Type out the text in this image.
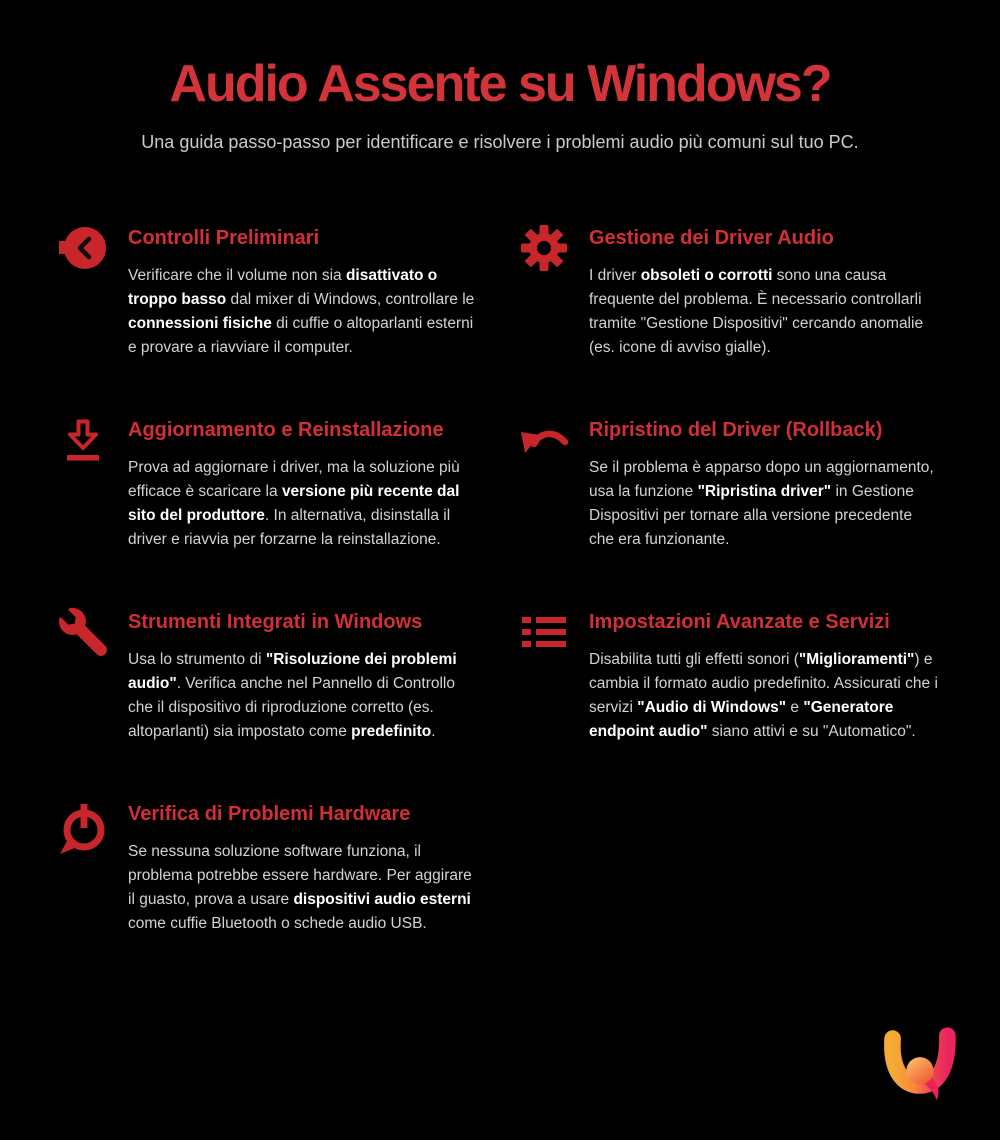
Audio Assente su Windows?

Una guida passo-passo per identificare e risolvere i problemi audio più comuni sul tuo PC.

Controlli Preliminari

Verificare che il volume non sia disattivato o troppo basso dal mixer di Windows, controllare le connessioni fisiche di cuffie o altoparlanti esterni e provare a riavviare il computer.

Gestione dei Driver Audio

I driver obsoleti o corrotti sono una causa frequente del problema. È necessario controllarli tramite "Gestione Dispositivi" cercando anomalie (es. icone di avviso gialle).

Aggiornamento e Reinstallazione

Prova ad aggiornare i driver, ma la soluzione più efficace è scaricare la versione più recente dal sito del produttore. In alternativa, disinstalla il driver e riavvia per forzarne la reinstallazione.

Ripristino del Driver (Rollback)

Se il problema è apparso dopo un aggiornamento, usa la funzione "Ripristina driver" in Gestione Dispositivi per tornare alla versione precedente che era funzionante.

Strumenti Integrati in Windows

Usa lo strumento di "Risoluzione dei problemi audio". Verifica anche nel Pannello di Controllo che il dispositivo di riproduzione corretto (es. altoparlanti) sia impostato come predefinito.

Impostazioni Avanzate e Servizi

Disabilita tutti gli effetti sonori ("Miglioramenti") e cambia il formato audio predefinito. Assicurati che i servizi "Audio di Windows" e "Generatore endpoint audio" siano attivi e su "Automatico".

Verifica di Problemi Hardware

Se nessuna soluzione software funziona, il problema potrebbe essere hardware. Per aggirare il guasto, prova a usare dispositivi audio esterni come cuffie Bluetooth o schede audio USB.
